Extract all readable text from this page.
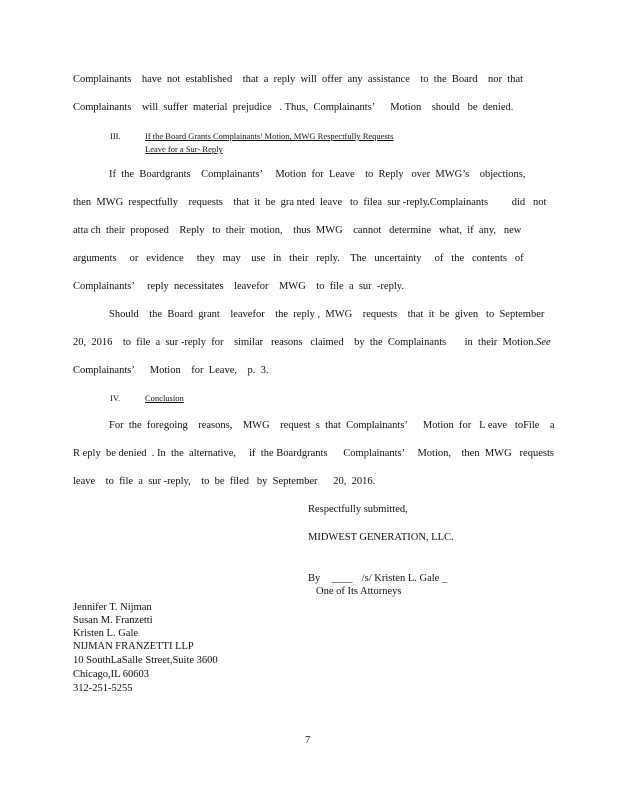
Complainants    have  not  established    that  a  reply  will  offer  any  assistance    to  the  Board    nor  that
Complainants    will  suffer  material  prejudice   . Thus,  Complainants’      Motion    should   be  denied.
III.	If the Board Grants Complainants’ Motion, MWG Respectfully Requests
Leave for a Sur- Reply
If  the  Boardgrants    Complainants’     Motion  for  Leave    to  Reply   over  MWG’s    objections,
then  MWG  respectfully    requests    that  it  be  gra nted  leave   to  filea  sur -reply.Complainants         did   not
atta ch  their  proposed    Reply   to  their  motion,    thus  MWG    cannot   determine   what,  if  any,   new
arguments     or   evidence     they   may    use   in   their   reply.    The   uncertainty     of   the   contents   of
Complainants’     reply  necessitates    leavefor    MWG    to  file  a  sur  -reply.
Should    the  Board  grant    leavefor    the  reply ,  MWG    requests    that  it  be  given   to  September
20,  2016    to  file  a  sur -reply  for    similar   reasons   claimed    by  the  Complainants       in  their  Motion. See
Complainants’      Motion    for  Leave,    p.  3.
IV.	Conclusion
For  the  foregoing    reasons,    MWG    request  s  that  Complainants’      Motion  for   L eave   toFile    a
R eply  be denied  . In  the  alternative,     if  the Boardgrants      Complainants’     Motion,    then  MWG   requests
leave    to  file  a  sur -reply,    to  be  filed   by  September      20,  2016.
Respectfully submitted,
MIDWEST GENERATION, LLC.
By ____ /s/ Kristen L. Gale _
One of Its Attorneys
Jennifer T. Nijman
Susan M. Franzetti
Kristen L. Gale
NIJMAN FRANZETTI LLP
10 SouthLaSalle Street,Suite 3600
Chicago,IL 60603
312-251-5255
7
